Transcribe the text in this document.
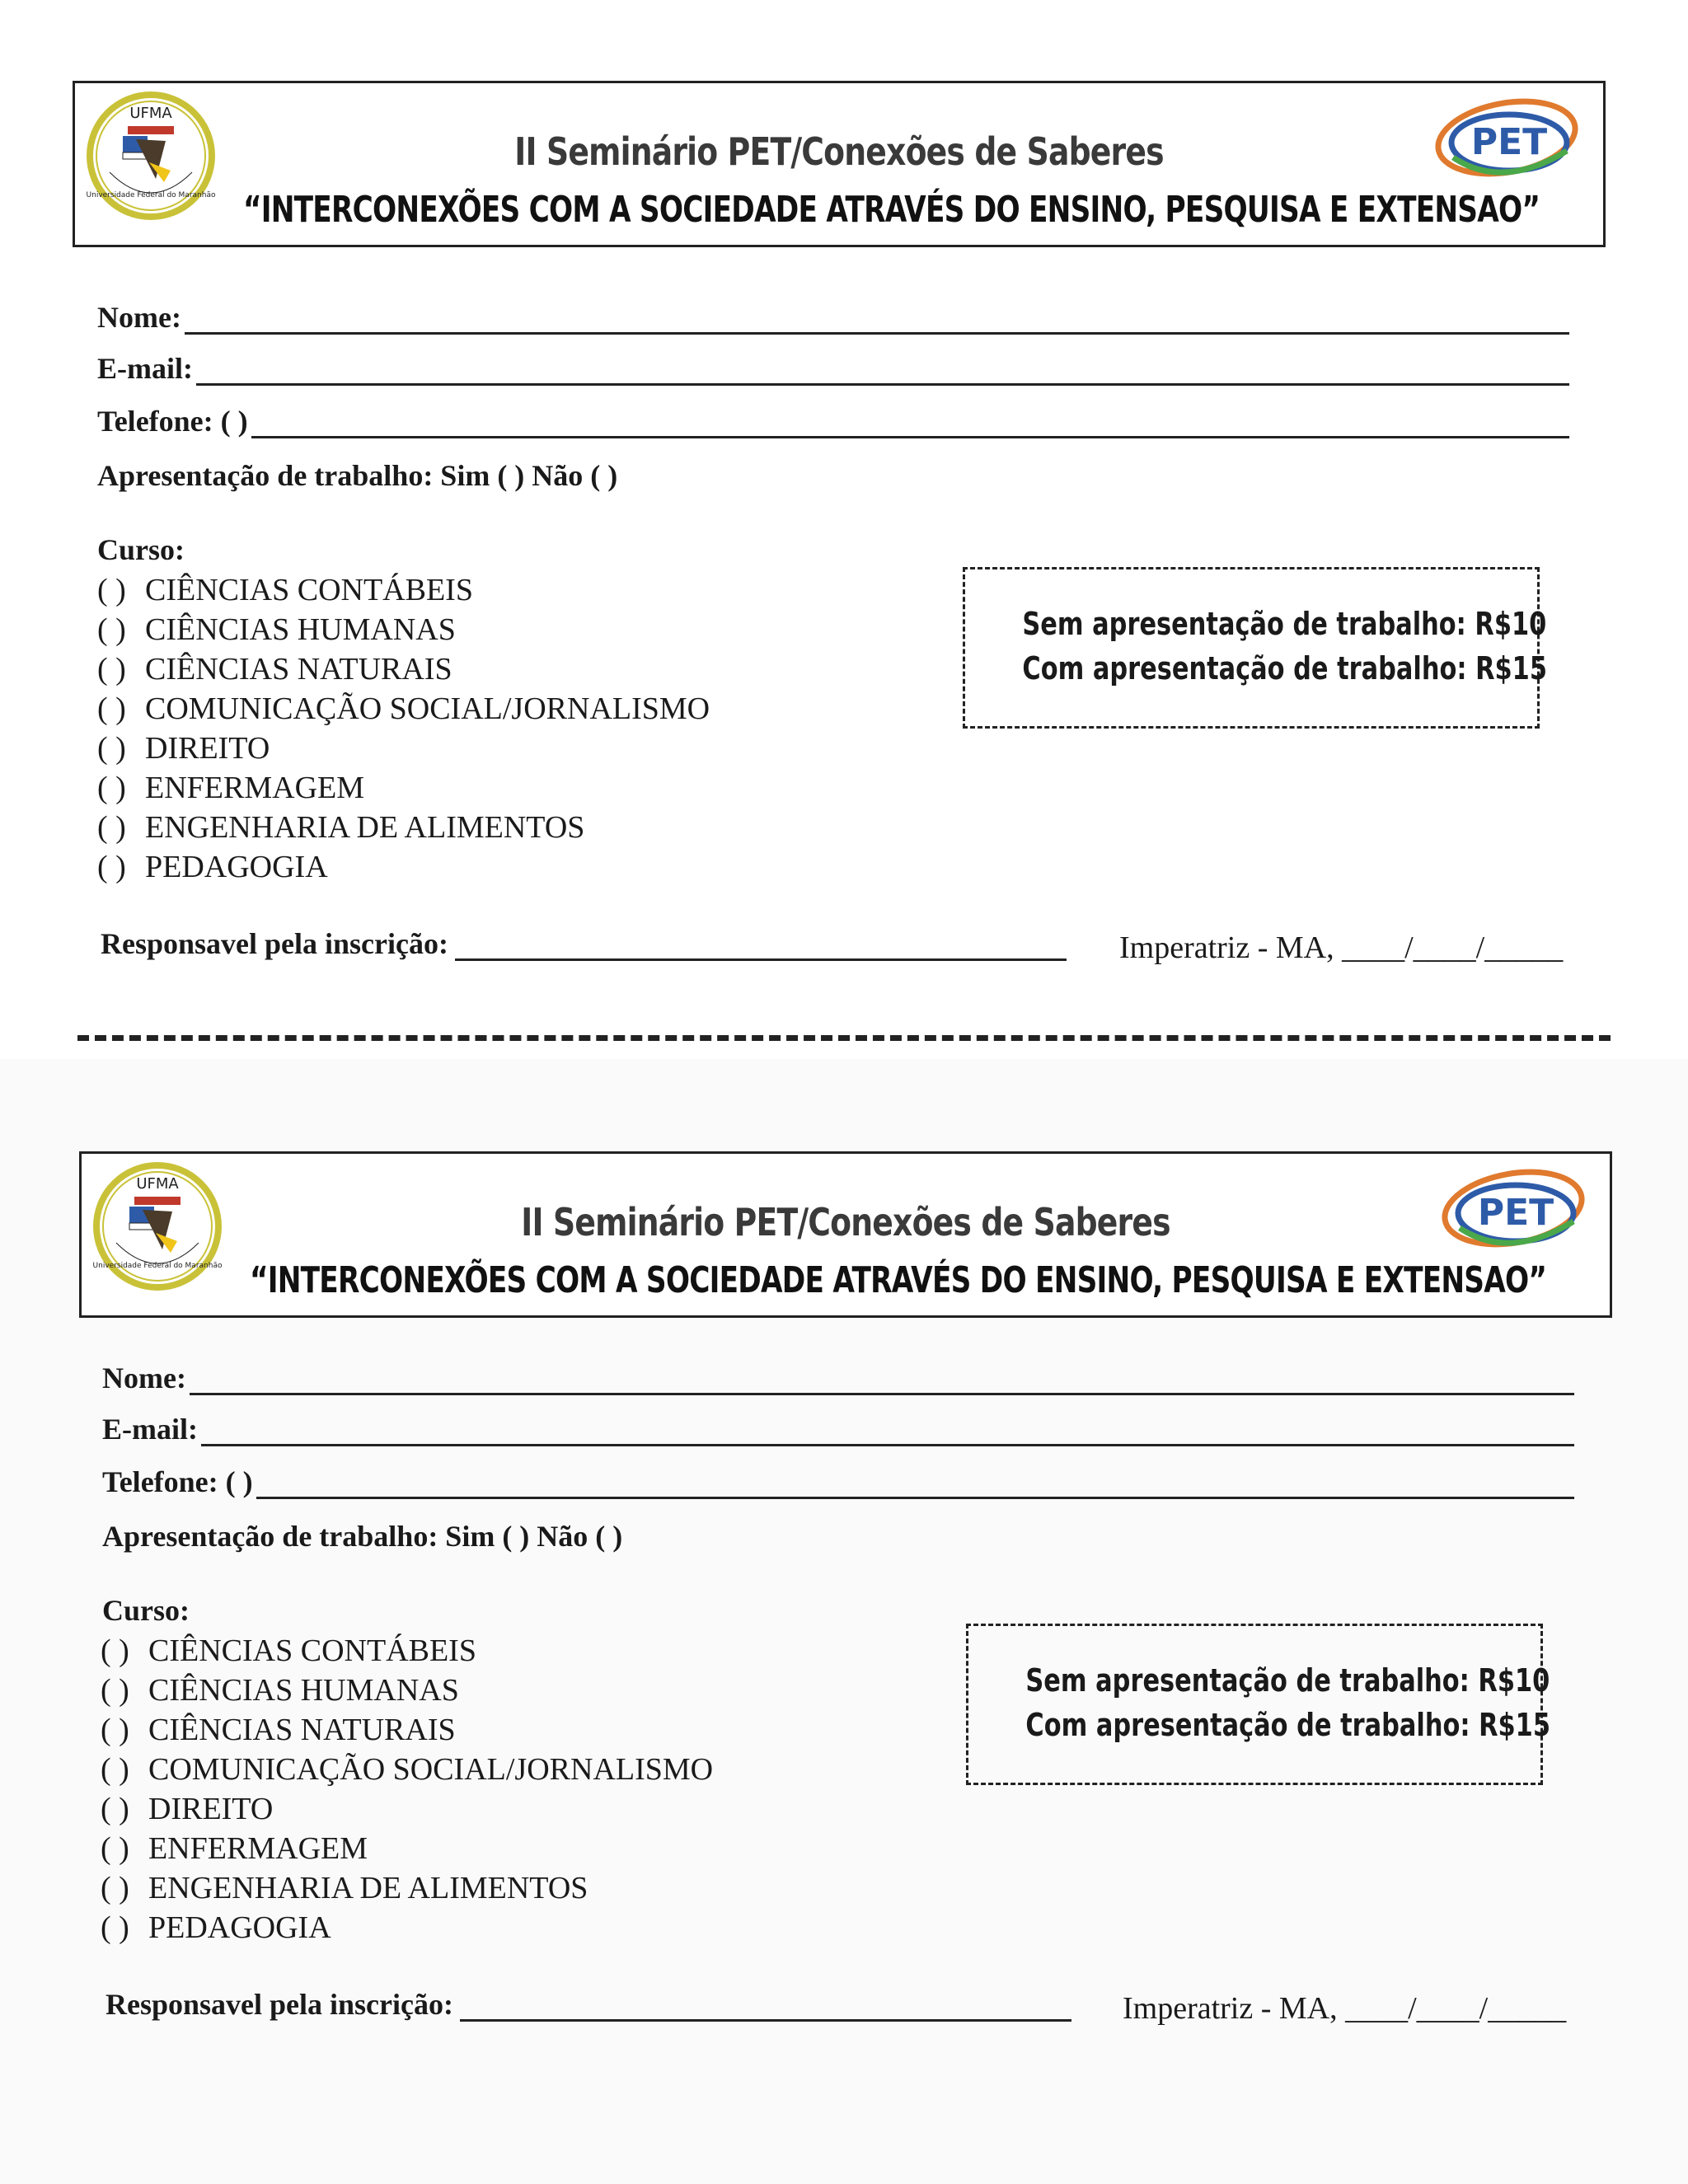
UFMA
Universidade Federal do Maranhão
II Seminário PET/Conexões de Saberes
“INTERCONEXÕES COM A SOCIEDADE ATRAVÉS DO ENSINO, PESQUISA E EXTENSAO”
PET
Nome:
E-mail:
Telefone: ( )
Apresentação de trabalho: Sim ( ) Não ( )
Curso:
( ) CIÊNCIAS CONTÁBEIS
( ) CIÊNCIAS HUMANAS
( ) CIÊNCIAS NATURAIS
( ) COMUNICAÇÃO SOCIAL/JORNALISMO
( ) DIREITO
( ) ENFERMAGEM
( ) ENGENHARIA DE ALIMENTOS
( ) PEDAGOGIA
Sem apresentação de trabalho: R$10
Com apresentação de trabalho: R$15
Responsavel pela inscrição:	Imperatriz - MA, ____/____/_____
UFMA
Universidade Federal do Maranhão
II Seminário PET/Conexões de Saberes
“INTERCONEXÕES COM A SOCIEDADE ATRAVÉS DO ENSINO, PESQUISA E EXTENSAO”
PET
Nome:
E-mail:
Telefone: ( )
Apresentação de trabalho: Sim ( ) Não ( )
Curso:
( ) CIÊNCIAS CONTÁBEIS
( ) CIÊNCIAS HUMANAS
( ) CIÊNCIAS NATURAIS
( ) COMUNICAÇÃO SOCIAL/JORNALISMO
( ) DIREITO
( ) ENFERMAGEM
( ) ENGENHARIA DE ALIMENTOS
( ) PEDAGOGIA
Sem apresentação de trabalho: R$10
Com apresentação de trabalho: R$15
Responsavel pela inscrição:	Imperatriz - MA, ____/____/_____
